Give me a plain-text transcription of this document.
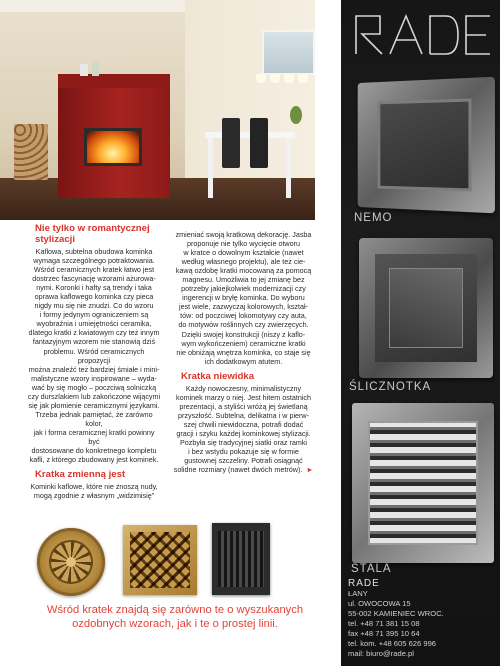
Nie tylko w romantycznej
stylizacji

Kaflowa, subtelna obudowa kominka
wymaga szczególnego potraktowania.
Wśród ceramicznych kratek łatwo jest
dostrzec fascynację wzorami ażurowa-
nymi. Koronki i hafty są trendy i taka
oprawa kaflowego kominka czy pieca
nigdy mu się nie znudzi. Co do wzoru
i formy jedynym ograniczeniem są
wyobraźnia i umiejętności ceramika,
dlatego kratki z kwiatowym czy też innym
fantazyjnym wzorem nie stanowią dziś
problemu. Wśród ceramicznych propozycji
można znaleźć też bardziej śmiałe i mini-
malistyczne wzory inspirowane – wyda-
wać by się mogło – poczciwą solniczką
czy durszlakiem lub zakończone wijącymi
się jak płomienie ceramicznymi językami.
Trzeba jednak pamiętać, że zarówno kolor,
jak i forma ceramicznej kratki powinny być
dostosowane do konkretnego kompletu
kafli, z którego zbudowany jest kominek.

Kratka zmienną jest

Kominki kaflowe, które nie znoszą nudy,
mogą zgodnie z własnym „widzimisię”

zmieniać swoją kratkową dekorację. Jasba
proponuje nie tylko wycięcie otworu
w kratce o dowolnym kształcie (nawet
według własnego projektu), ale też cie-
kawą ozdobę kratki mocowaną za pomocą
magnesu. Umożliwia to jej zmianę bez
potrzeby jakiejkolwiek modernizacji czy
ingerencji w bryłę kominka. Do wyboru
jest wiele, zazwyczaj kolorowych, kształ-
tów: od poczciwej lokomotywy czy auta,
do motywów roślinnych czy zwierzęcych.
Dzięki swojej konstrukcji (niszy z kaflo-
wym wykończeniem) ceramiczne kratki
nie obniżają wnętrza kominka, co staje się
ich dodatkowym atutem.

Kratka niewidka

Każdy nowoczesny, minimalistyczny
kominek marzy o niej. Jest hitem ostatnich
prezentacji, a styliści wróżą jej świetlaną
przyszłość. Subtelna, delikatna i w pierw-
szej chwili niewidoczna, potrafi dodać
gracji i szyku każdej kominkowej stylizacji.
Pozbyła się tradycyjnej siatki oraz ramki
i bez wstydu pokazuje się w formie
gustownej szczeliny. Potrafi osiągnąć
solidne rozmiary (nawet dwóch metrów). ►

Wśród kratek znajdą się zarówno te o wyszukanych
ozdobnych wzorach, jak i te o prostej linii.
NEMO
ŚLICZNOTKA
STALA
RADE
ŁANY
ul. OWOCOWA 15
55-002 KAMIENIEC WROC.
tel. +48 71 381 15 08
fax +48 71 395 10 64
tel. kom. +48 605 626 996
mail: biuro@rade.pl
